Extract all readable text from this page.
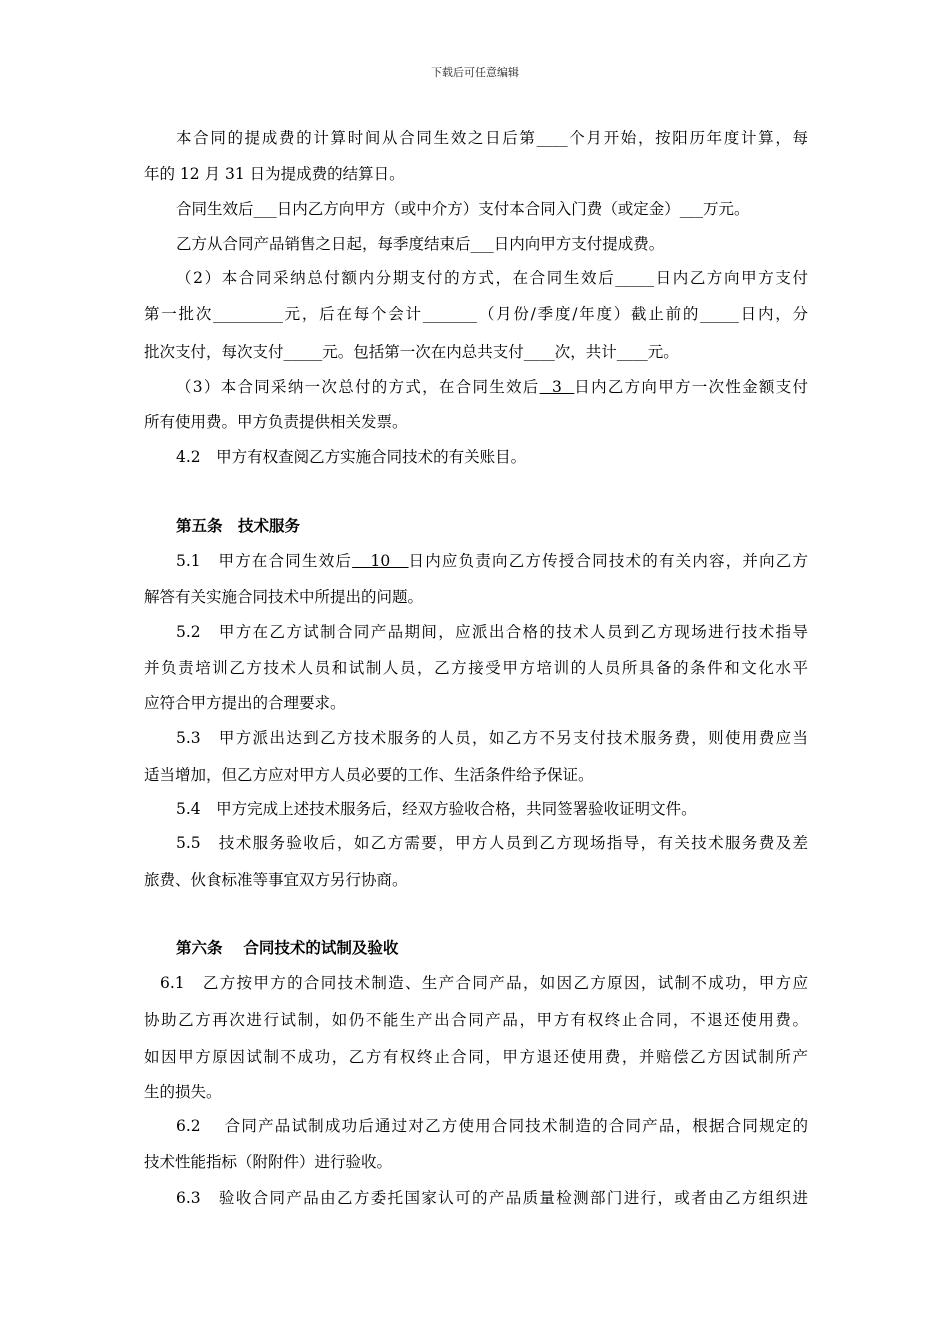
下载后可任意编辑
本合同的提成费的计算时间从合同生效之日后第____个月开始，按阳历年度计算，每
年的 12 月 31 日为提成费的结算日。
合同生效后___日内乙方向甲方（或中介方）支付本合同入门费（或定金）___万元。
乙方从合同产品销售之日起，每季度结束后___日内向甲方支付提成费。
（2）本合同采纳总付额内分期支付的方式，在合同生效后_____日内乙方向甲方支付
第一批次_________元，后在每个会计_______（月份/季度/年度）截止前的_____日内，分
批次支付，每次支付_____元。包括第一次在内总共支付____次，共计____元。
（3）本合同采纳一次总付的方式，在合同生效后  3  日内乙方向甲方一次性金额支付
所有使用费。甲方负责提供相关发票。
4.2　甲方有权查阅乙方实施合同技术的有关账目。
第五条　技术服务
5.1　甲方在合同生效后   10   日内应负责向乙方传授合同技术的有关内容，并向乙方
解答有关实施合同技术中所提出的问题。
5.2　甲方在乙方试制合同产品期间，应派出合格的技术人员到乙方现场进行技术指导
并负责培训乙方技术人员和试制人员，乙方接受甲方培训的人员所具备的条件和文化水平
应符合甲方提出的合理要求。
5.3　甲方派出达到乙方技术服务的人员，如乙方不另支付技术服务费，则使用费应当
适当增加，但乙方应对甲方人员必要的工作、生活条件给予保证。
5.4　甲方完成上述技术服务后，经双方验收合格，共同签署验收证明文件。
5.5　技术服务验收后，如乙方需要，甲方人员到乙方现场指导，有关技术服务费及差
旅费、伙食标准等事宜双方另行协商。
第六条　 合同技术的试制及验收
6.1　乙方按甲方的合同技术制造、生产合同产品，如因乙方原因，试制不成功，甲方应
协助乙方再次进行试制，如仍不能生产出合同产品，甲方有权终止合同，不退还使用费。
如因甲方原因试制不成功，乙方有权终止合同，甲方退还使用费，并赔偿乙方因试制所产
生的损失。
6.2　 合同产品试制成功后通过对乙方使用合同技术制造的合同产品，根据合同规定的
技术性能指标（附附件）进行验收。
6.3　验收合同产品由乙方委托国家认可的产品质量检测部门进行，或者由乙方组织进
